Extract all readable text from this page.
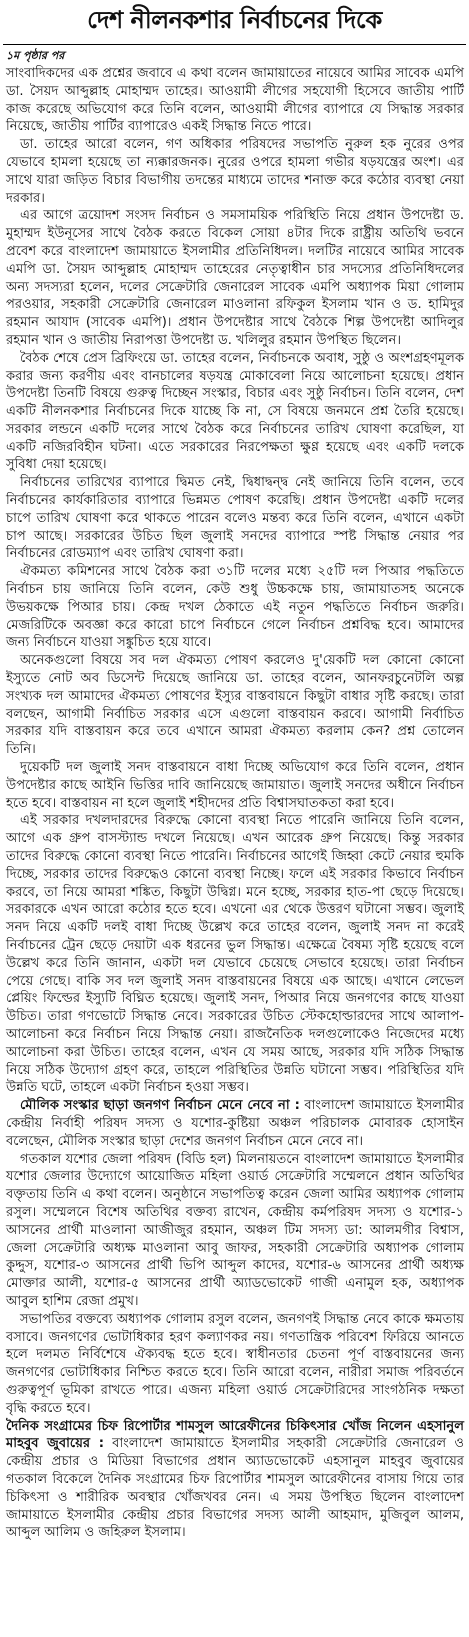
দেশ নীলনকশার নির্বাচনের দিকে
১ম পৃষ্ঠার পর

সাংবাদিকদের এক প্রশ্নের জবাবে এ কথা বলেন জামায়াতের নায়েবে আমির সাবেক এমপি ডা. সৈয়দ আব্দুল্লাহ মোহাম্মদ তাহের। আওয়ামী লীগের সহযোগী হিসেবে জাতীয় পার্টি কাজ করেছে অভিযোগ করে তিনি বলেন, আওয়ামী লীগের ব্যাপারে যে সিদ্ধান্ত সরকার নিয়েছে, জাতীয় পার্টির ব্যাপারেও একই সিদ্ধান্ত নিতে পারে।

ডা. তাহের আরো বলেন, গণ অধিকার পরিষদের সভাপতি নুরুল হক নুরের ওপর যেভাবে হামলা হয়েছে তা ন্যক্কারজনক। নুরের ওপরে হামলা গভীর ষড়যন্ত্রের অংশ। এর সাথে যারা জড়িত বিচার বিভাগীয় তদন্তের মাধ্যমে তাদের শনাক্ত করে কঠোর ব্যবস্থা নেয়া দরকার।

এর আগে ত্রয়োদশ সংসদ নির্বাচন ও সমসাময়িক পরিস্থিতি নিয়ে প্রধান উপদেষ্টা ড. মুহাম্মদ ইউনূসের সাথে বৈঠক করতে বিকেল সোয়া ৪টার দিকে রাষ্ট্রীয় অতিথি ভবনে প্রবেশ করে বাংলাদেশ জামায়াতে ইসলামীর প্রতিনিধিদল। দলটির নায়েবে আমির সাবেক এমপি ডা. সৈয়দ আব্দুল্লাহ মোহাম্মদ তাহেরের নেতৃত্বাধীন চার সদস্যের প্রতিনিধিদলের অন্য সদস্যরা হলেন, দলের সেক্রেটারি জেনারেল সাবেক এমপি অধ্যাপক মিয়া গোলাম পরওয়ার, সহকারী সেক্রেটারি জেনারেল মাওলানা রফিকুল ইসলাম খান ও ড. হামিদুর রহমান আযাদ (সাবেক এমপি)। প্রধান উপদেষ্টার সাথে বৈঠকে শিল্প উপদেষ্টা আদিলুর রহমান খান ও জাতীয় নিরাপত্তা উপদেষ্টা ড. খলিলুর রহমান উপস্থিত ছিলেন।

বৈঠক শেষে প্রেস ব্রিফিংয়ে ডা. তাহের বলেন, নির্বাচনকে অবাধ, সুষ্ঠু ও অংশগ্রহণমূলক করার জন্য করণীয় এবং বানচালের ষড়যন্ত্র মোকাবেলা নিয়ে আলোচনা হয়েছে। প্রধান উপদেষ্টা তিনটি বিষয়ে গুরুত্ব দিচ্ছেন সংস্কার, বিচার এবং সুষ্ঠু নির্বাচন। তিনি বলেন, দেশ একটি নীলনকশার নির্বাচনের দিকে যাচ্ছে কি না, সে বিষয়ে জনমনে প্রশ্ন তৈরি হয়েছে। সরকার লন্ডনে একটি দলের সাথে বৈঠক করে নির্বাচনের তারিখ ঘোষণা করেছিল, যা একটি নজিরবিহীন ঘটনা। এতে সরকারের নিরপেক্ষতা ক্ষুণ্ণ হয়েছে এবং একটি দলকে সুবিধা দেয়া হয়েছে।

নির্বাচনের তারিখের ব্যাপারে দ্বিমত নেই, দ্বিধাদ্বন্দ্ব নেই জানিয়ে তিনি বলেন, তবে নির্বাচনের কার্যকারিতার ব্যাপারে ভিন্নমত পোষণ করেছি। প্রধান উপদেষ্টা একটি দলের চাপে তারিখ ঘোষণা করে থাকতে পারেন বলেও মন্তব্য করে তিনি বলেন, এখানে একটা চাপ আছে। সরকারের উচিত ছিল জুলাই সনদের ব্যাপারে স্পষ্ট সিদ্ধান্ত নেয়ার পর নির্বাচনের রোডম্যাপ এবং তারিখ ঘোষণা করা।

ঐকমত্য কমিশনের সাথে বৈঠক করা ৩১টি দলের মধ্যে ২৫টি দল পিআর পদ্ধতিতে নির্বাচন চায় জানিয়ে তিনি বলেন, কেউ শুধু উচ্চকক্ষে চায়, জামায়াতসহ অনেকে উভয়কক্ষে পিআর চায়। কেন্দ্র দখল ঠেকাতে এই নতুন পদ্ধতিতে নির্বাচন জরুরি। মেজরিটিকে অবজ্ঞা করে কারো চাপে নির্বাচনে গেলে নির্বাচন প্রশ্নবিদ্ধ হবে। আমাদের জন্য নির্বাচনে যাওয়া সঙ্কুচিত হয়ে যাবে।

অনেকগুলো বিষয়ে সব দল ঐকমত্য পোষণ করলেও দু'য়েকটি দল কোনো কোনো ইস্যুতে নোট অব ডিসেন্ট দিয়েছে জানিয়ে ডা. তাহের বলেন, আনফরচুনেটলি অল্প সংখ্যক দল আমাদের ঐকমত্য পোষণের ইস্যুর বাস্তবায়নে কিছুটা বাধার সৃষ্টি করছে। তারা বলছেন, আগামী নির্বাচিত সরকার এসে এগুলো বাস্তবায়ন করবে। আগামী নির্বাচিত সরকার যদি বাস্তবায়ন করে তবে এখানে আমরা ঐকমত্য করলাম কেন? প্রশ্ন তোলেন তিনি।

দুয়েকটি দল জুলাই সনদ বাস্তবায়নে বাধা দিচ্ছে অভিযোগ করে তিনি বলেন, প্রধান উপদেষ্টার কাছে আইনি ভিত্তির দাবি জানিয়েছে জামায়াত। জুলাই সনদের অধীনে নির্বাচন হতে হবে। বাস্তবায়ন না হলে জুলাই শহীদদের প্রতি বিশ্বাসঘাতকতা করা হবে।

এই সরকার দখলদারদের বিরুদ্ধে কোনো ব্যবস্থা নিতে পারেনি জানিয়ে তিনি বলেন, আগে এক গ্রুপ বাসস্ট্যান্ড দখলে নিয়েছে। এখন আরেক গ্রুপ নিয়েছে। কিন্তু সরকার তাদের বিরুদ্ধে কোনো ব্যবস্থা নিতে পারেনি। নির্বাচনের আগেই জিহ্বা কেটে নেয়ার হুমকি দিচ্ছে, সরকার তাদের বিরুদ্ধেও কোনো ব্যবস্থা নিচ্ছে। ফলে এই সরকার কিভাবে নির্বাচন করবে, তা নিয়ে আমরা শঙ্কিত, কিছুটা উদ্বিগ্ন। মনে হচ্ছে, সরকার হাত-পা ছেড়ে দিয়েছে। সরকারকে এখন আরো কঠোর হতে হবে। এখনো এর থেকে উত্তরণ ঘটানো সম্ভব। জুলাই সনদ নিয়ে একটি দলই বাধা দিচ্ছে উল্লেখ করে তাহের বলেন, জুলাই সনদ না করেই নির্বাচনের ট্রেন ছেড়ে দেয়াটা এক ধরনের ভুল সিদ্ধান্ত। এক্ষেত্রে বৈষম্য সৃষ্টি হয়েছে বলে উল্লেখ করে তিনি জানান, একটা দল যেভাবে চেয়েছে সেভাবে হয়েছে। তারা নির্বাচন পেয়ে গেছে। বাকি সব দল জুলাই সনদ বাস্তবায়নের বিষয়ে এক আছে। এখানে লেভেল প্লেয়িং ফিল্ডের ইস্যুটি বিঘ্নিত হয়েছে। জুলাই সনদ, পিআর নিয়ে জনগণের কাছে যাওয়া উচিত। তারা গণভোটে সিদ্ধান্ত নেবে। সরকারের উচিত স্টেকহোল্ডারদের সাথে আলাপ-আলোচনা করে নির্বাচন নিয়ে সিদ্ধান্ত নেয়া। রাজনৈতিক দলগুলোকেও নিজেদের মধ্যে আলোচনা করা উচিত। তাহের বলেন, এখন যে সময় আছে, সরকার যদি সঠিক সিদ্ধান্ত নিয়ে সঠিক উদ্যোগ গ্রহণ করে, তাহলে পরিস্থিতির উন্নতি ঘটানো সম্ভব। পরিস্থিতির যদি উন্নতি ঘটে, তাহলে একটা নির্বাচন হওয়া সম্ভব।

মৌলিক সংস্কার ছাড়া জনগণ নির্বাচন মেনে নেবে না : বাংলাদেশ জামায়াতে ইসলামীর কেন্দ্রীয় নির্বাহী পরিষদ সদস্য ও যশোর-কুষ্টিয়া অঞ্চল পরিচালক মোবারক হোসাইন বলেছেন, মৌলিক সংস্কার ছাড়া দেশের জনগণ নির্বাচন মেনে নেবে না।

গতকাল যশোর জেলা পরিষদ (বিডি হল) মিলনায়তনে বাংলাদেশ জামায়াতে ইসলামীর যশোর জেলার উদ্যোগে আয়োজিত মহিলা ওয়ার্ড সেক্রেটারি সম্মেলনে প্রধান অতিথির বক্তৃতায় তিনি এ কথা বলেন। অনুষ্ঠানে সভাপতিত্ব করেন জেলা আমির অধ্যাপক গোলাম রসুল। সম্মেলনে বিশেষ অতিথির বক্তব্য রাখেন, কেন্দ্রীয় কর্মপরিষদ সদস্য ও যশোর-১ আসনের প্রার্থী মাওলানা আজীজুর রহমান, অঞ্চল টিম সদস্য ডা: আলমগীর বিশ্বাস, জেলা সেক্রেটারি অধ্যক্ষ মাওলানা আবু জাফর, সহকারী সেক্রেটারি অধ্যাপক গোলাম কুদ্দুস, যশোর-৩ আসনের প্রার্থী ভিপি আব্দুল কাদের, যশোর-৬ আসনের প্রার্থী অধ্যক্ষ মোক্তার আলী, যশোর-৫ আসনের প্রার্থী অ্যাডভোকেট গাজী এনামুল হক, অধ্যাপক আবুল হাশিম রেজা প্রমুখ।

সভাপতির বক্তব্যে অধ্যাপক গোলাম রসুল বলেন, জনগণই সিদ্ধান্ত নেবে কাকে ক্ষমতায় বসাবে। জনগণের ভোটাধিকার হরণ কল্যাণকর নয়। গণতান্ত্রিক পরিবেশ ফিরিয়ে আনতে হলে দলমত নির্বিশেষে ঐক্যবদ্ধ হতে হবে। স্বাধীনতার চেতনা পূর্ণ বাস্তবায়নের জন্য জনগণের ভোটাধিকার নিশ্চিত করতে হবে। তিনি আরো বলেন, নারীরা সমাজ পরিবর্তনে গুরুত্বপূর্ণ ভূমিকা রাখতে পারে। এজন্য মহিলা ওয়ার্ড সেক্রেটারিদের সাংগঠনিক দক্ষতা বৃদ্ধি করতে হবে।

দৈনিক সংগ্রামের চিফ রিপোর্টার শামসুল আরেফীনের চিকিৎসার খোঁজ নিলেন এহসানুল মাহবুব জুবায়ের : বাংলাদেশ জামায়াতে ইসলামীর সহকারী সেক্রেটারি জেনারেল ও কেন্দ্রীয় প্রচার ও মিডিয়া বিভাগের প্রধান অ্যাডভোকেট এহসানুল মাহবুব জুবায়ের গতকাল বিকেলে দৈনিক সংগ্রামের চিফ রিপোর্টার শামসুল আরেফীনের বাসায় গিয়ে তার চিকিৎসা ও শারীরিক অবস্থার খোঁজখবর নেন। এ সময় উপস্থিত ছিলেন বাংলাদেশ জামায়াতে ইসলামীর কেন্দ্রীয় প্রচার বিভাগের সদস্য আলী আহমাদ, মুজিবুল আলম, আব্দুল আলিম ও জহিরুল ইসলাম।
